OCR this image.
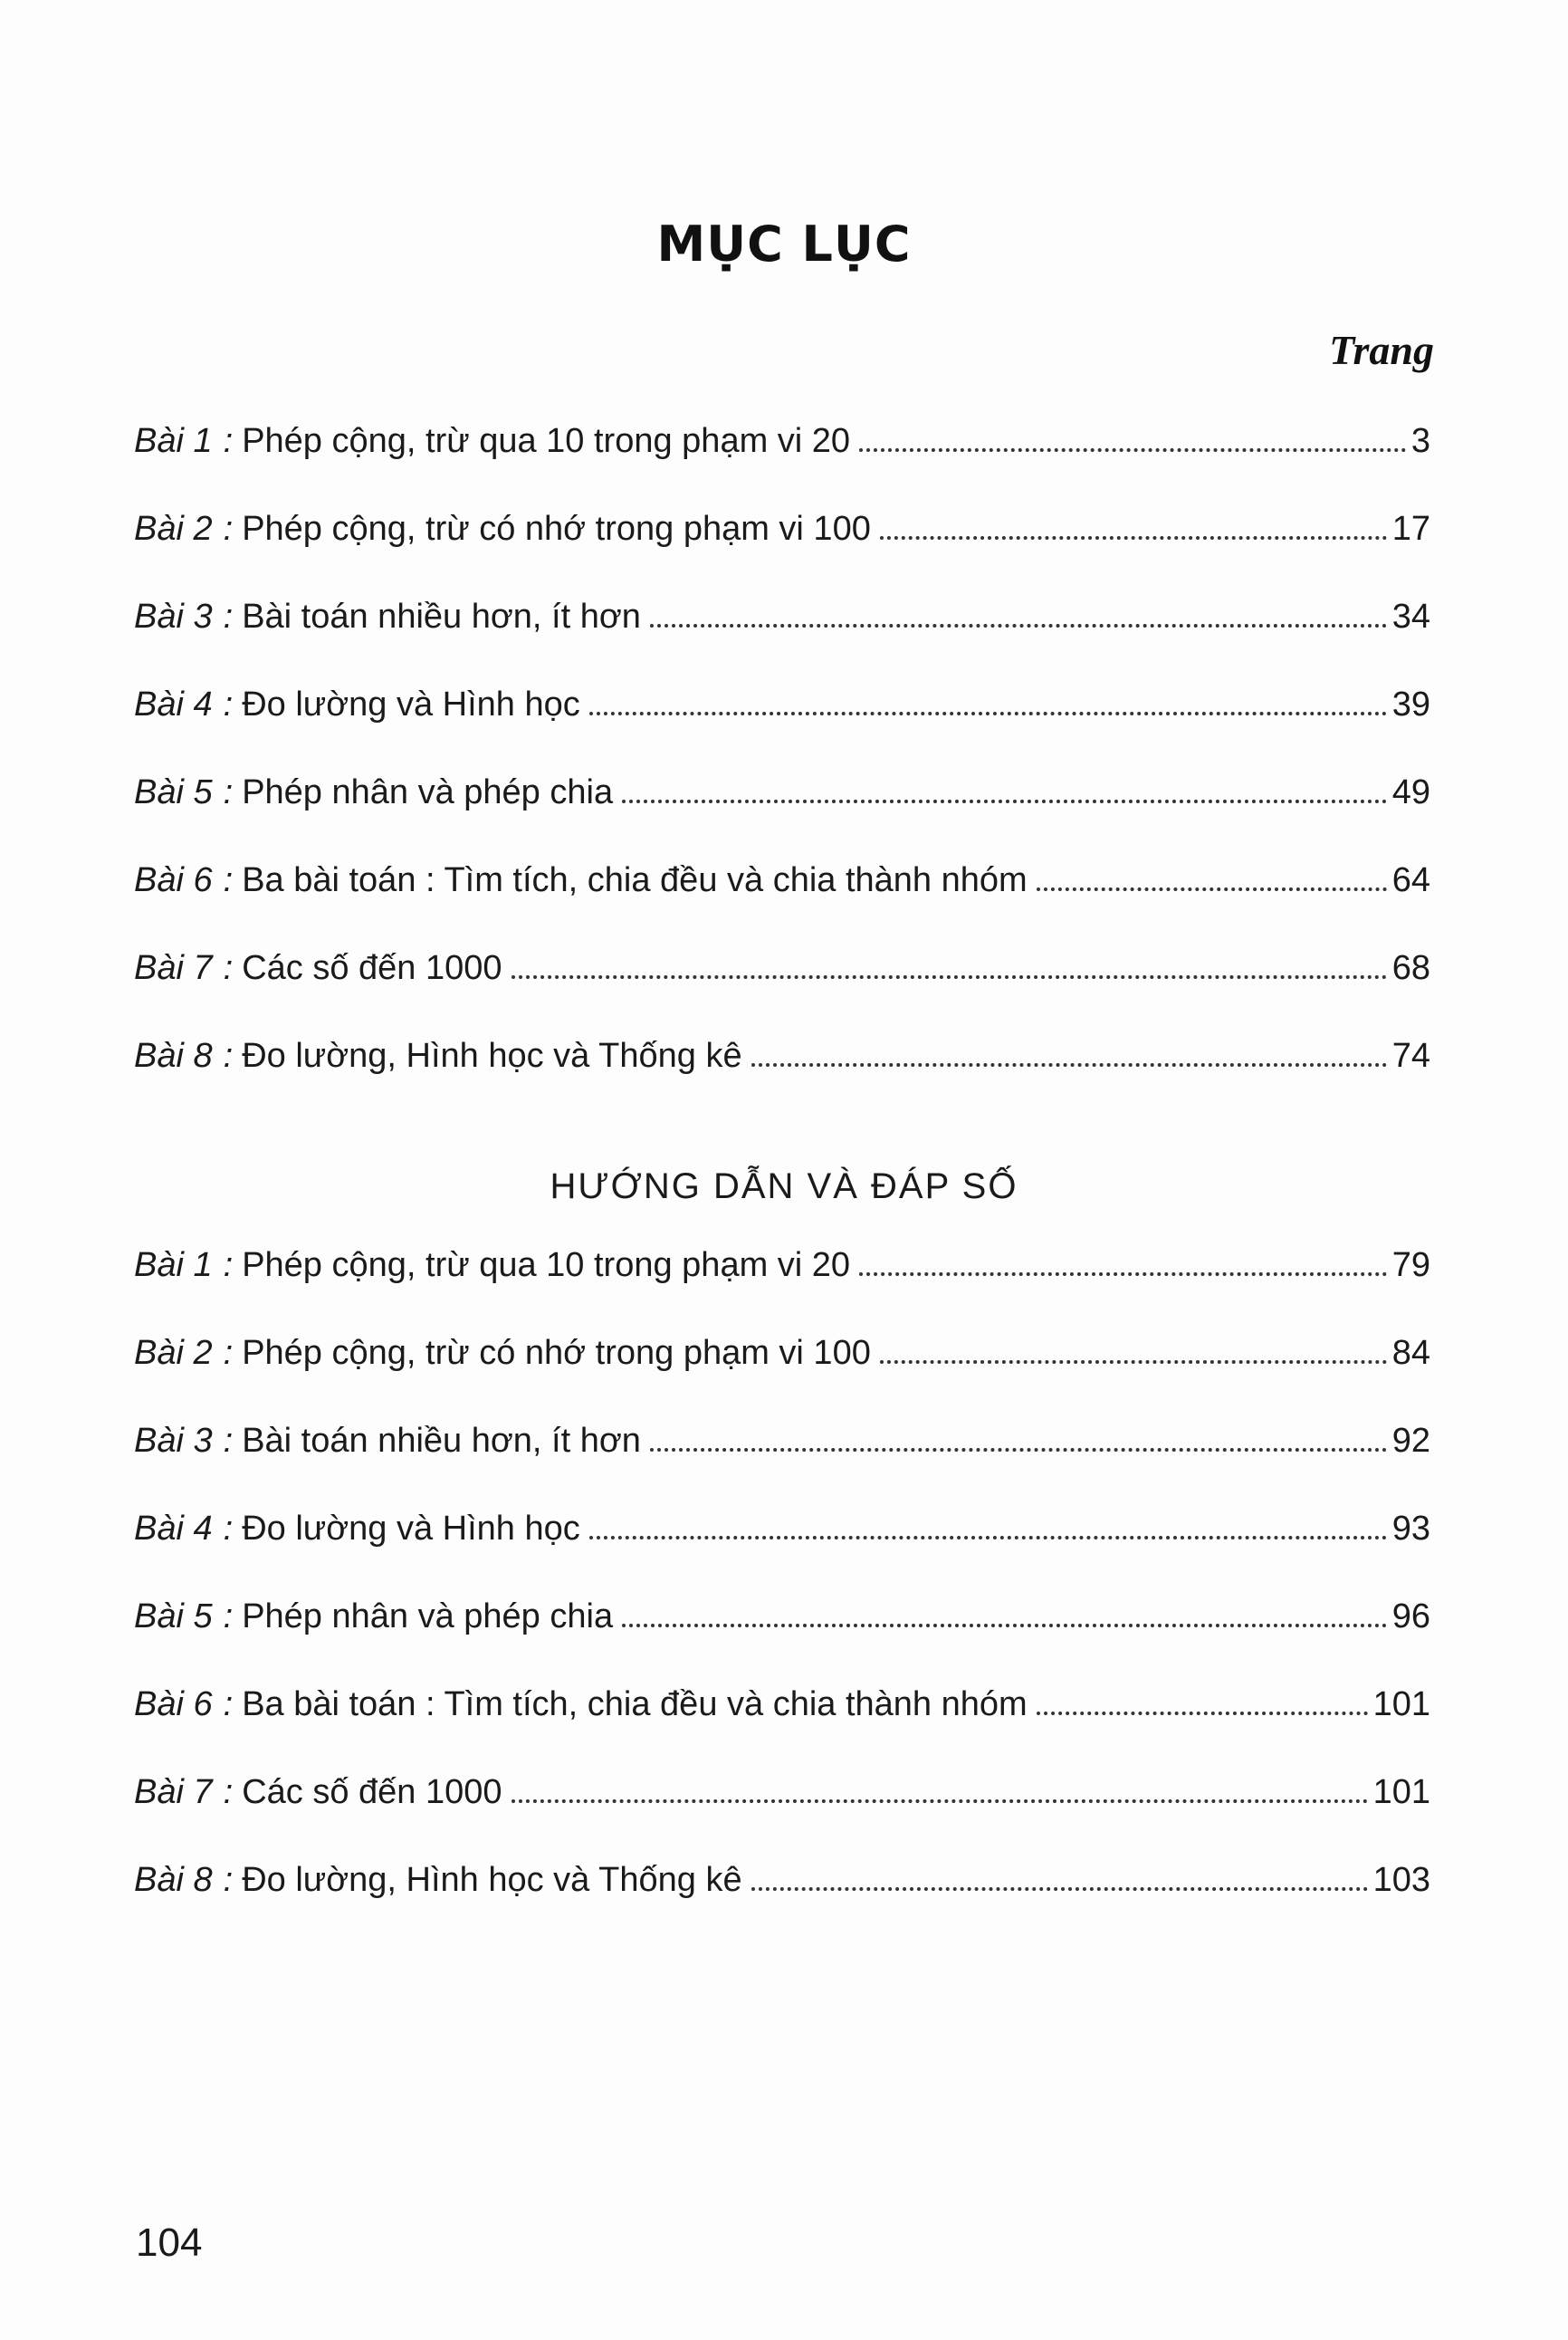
MỤC LỤC
Trang
Bài 1 : Phép cộng, trừ qua 10 trong phạm vi 20	3
Bài 2 : Phép cộng, trừ có nhớ trong phạm vi 100	17
Bài 3 : Bài toán nhiều hơn, ít hơn	34
Bài 4 : Đo lường và Hình học	39
Bài 5 : Phép nhân và phép chia	49
Bài 6 : Ba bài toán : Tìm tích, chia đều và chia thành nhóm	64
Bài 7 : Các số đến 1000	68
Bài 8 : Đo lường, Hình học và Thống kê	74
HƯỚNG DẪN VÀ ĐÁP SỐ
Bài 1 : Phép cộng, trừ qua 10 trong phạm vi 20	79
Bài 2 : Phép cộng, trừ có nhớ trong phạm vi 100	84
Bài 3 : Bài toán nhiều hơn, ít hơn	92
Bài 4 : Đo lường và Hình học	93
Bài 5 : Phép nhân và phép chia	96
Bài 6 : Ba bài toán : Tìm tích, chia đều và chia thành nhóm	101
Bài 7 : Các số đến 1000	101
Bài 8 : Đo lường, Hình học và Thống kê	103
104
